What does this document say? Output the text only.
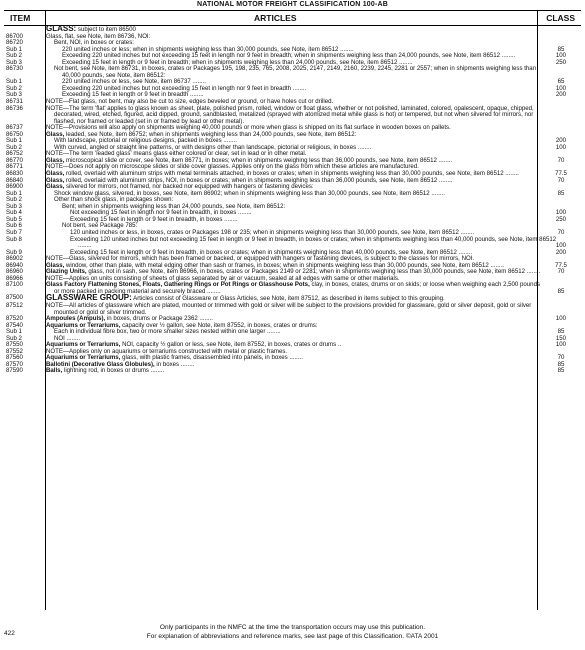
NATIONAL MOTOR FREIGHT CLASSIFICATION 100-AB
ITEM	ARTICLES	CLASS
GLASS: subject to item 86500
86700	Glass, flat, see Note, item 86736, NOI:
86720	Bent, NOI, in boxes or crates:
Sub 1	220 united inches or less; when in shipments weighing less than 30,000 pounds, see Note, item 86512 ........	85
Sub 2	Exceeding 220 united inches but not exceeding 15 feet in length nor 9 feet in breadth; when in shipments weighing less than 24,000 pounds, see Note, item 86512 ........	100
Sub 3	Exceeding 15 feet in length or 9 feet in breadth; when in shipments weighing less than 24,000 pounds, see Note, item 86512 ........	250
86730	Not bent, see Note, item 86731, in boxes, crates or Packages 195, 198, 235, 765, 2008, 2025, 2147, 2149, 2160, 2239, 2245, 2281 or 2557; when in shipments weighing less than 40,000 pounds, see Note, item 86512:
Sub 1	220 united inches or less, see Note, item 86737 ........	65
Sub 2	Exceeding 220 united inches but not exceeding 15 feet in length nor 9 feet in breadth ........	100
Sub 3	Exceeding 15 feet in length or 9 feet in breadth ........	200
86731	NOTE—Flat glass, not bent, may also be cut to size, edges beveled or ground, or have holes cut or drilled.
86736	NOTE—The term 'flat' applies to glass known as sheet, plate, polished prism, rolled, window or float glass, whether or not polished, laminated, colored, opalescent, opaque, chipped, decorated, wired, etched, figured, acid dipped, ground, sandblasted, metalized (sprayed with atomized metal while glass is hot) or tempered, but not when silvered for mirrors, nor flashed, nor framed or leaded (set in or framed by lead or other metal).
86737	NOTE—Provisions will also apply on shipments weighing 40,000 pounds or more when glass is shipped on its flat surface in wooden boxes on pallets.
86750	Glass, leaded, see Note, item 86752; when in shipments weighing less than 24,000 pounds, see Note, item 86512:
Sub 1	With landscape, pictorial or religious designs, packed in boxes ........	200
Sub 2	With curved, angled or straight line patterns, or with designs other than landscape, pictorial or religious, in boxes ........	100
86752	NOTE—The term 'leaded glass' means glass either colored or clear, set in lead or in other metal.
86770	Glass, microscopical slide or cover, see Note, item 86771, in boxes; when in shipments weighing less than 36,000 pounds, see Note, item 86512 ........	70
86771	NOTE—Does not apply on microscope slides or slide cover glasses. Applies only on the glass from which these articles are manufactured.
86830	Glass, rolled, overlaid with aluminum strips with metal terminals attached, in boxes or crates; when in shipments weighing less than 30,000 pounds, see Note, item 86512 ........	77.5
86840	Glass, rolled, overlaid with aluminum strips, NOI, in boxes or crates; when in shipments weighing less than 36,000 pounds, see Note, item 86512 ........	70
86900	Glass, silvered for mirrors, not framed, nor backed nor equipped with hangers or fastening devices:
Sub 1	Shock window glass, silvered, in boxes, see Note, item 86902; when in shipments weighing less than 30,000 pounds, see Note, item 86512 ........	85
Sub 2	Other than shock glass, in packages shown:
Sub 3	Bent; when in shipments weighing less than 24,000 pounds, see Note, item 86512:
Sub 4	Not exceeding 15 feet in length nor 9 feet in breadth, in boxes ........	100
Sub 5	Exceeding 15 feet in length or 9 feet in breadth, in boxes ........	250
Sub 6	Not bent, see Package 785:
Sub 7	120 united inches or less, in boxes, crates or Packages 198 or 235; when in shipments weighing less than 30,000 pounds, see Note, item 86512 ........	70
Sub 8	Exceeding 120 united inches but not exceeding 15 feet in length or 9 feet in breadth, in boxes or crates; when in shipments weighing less than 40,000 pounds, see Note, item 86512 ........	100
Sub 9	Exceeding 15 feet in length or 9 feet in breadth, in boxes or crates; when in shipments weighing less than 40,000 pounds, see Note, item 86512 ........	200
86902	NOTE—Glass, silvered for mirrors, which has been framed or backed, or equipped with hangers or fastening devices, is subject to the classes for mirrors, NOI.
86940	Glass, window, other than plate, with metal edging other than sash or frames, in boxes; when in shipments weighing less than 30,000 pounds, see Note, item 86512 ........	77.5
86960	Glazing Units, glass, not in sash, see Note, item 86966, in boxes, crates or Packages 2149 or 2281; when in shipments weighing less than 30,000 pounds, see Note, item 86512 ........	70
86966	NOTE—Applies on units consisting of sheets of glass separated by air or vacuum, sealed at all edges with same or other materials.
87100	Glass Factory Flattening Stones, Floats, Gathering Rings or Pot Rings or Glasshouse Pots, clay, in boxes, crates, drums or on skids; or loose when weighing each 2,500 pounds or more packed in packing material and securely braced ........	85
87500	GLASSWARE GROUP: Articles consist of Glassware or Glass Articles, see Note, item 87512, as described in items subject to this grouping.
87512	NOTE—All articles of glassware which are plated, mounted or trimmed with gold or silver will be subject to the provisions provided for glassware, gold or silver deposit, gold or silver mounted or gold or silver trimmed.
87520	Ampoules (Ampuls), in boxes, drums or Package 2362 ........	100
87540	Aquariums or Terrariums, capacity over ½ gallon, see Note, item 87552, in boxes, crates or drums:
Sub 1	Each in individual fibre box, two or more smaller sizes nested within one larger ........	85
Sub 2	NOI ........	150
87550	Aquariums or Terrariums, NOI, capacity ½ gallon or less, see Note, item 87552, in boxes, crates or drums ..	100
87552	NOTE—Applies only on aquariums or terrariums constructed with metal or plastic frames.
87560	Aquariums or Terrariums, glass, with plastic frames, disassembled into panels, in boxes ........	70
87570	Ballotini (Decorative Glass Globules), in boxes ........	85
87590	Balls, lightning rod, in boxes or drums ........	85
422
Only participants in the NMFC at the time the transportation occurs may use this publication.
For explanation of abbreviations and reference marks, see last page of this Classification. ©ATA 2001
